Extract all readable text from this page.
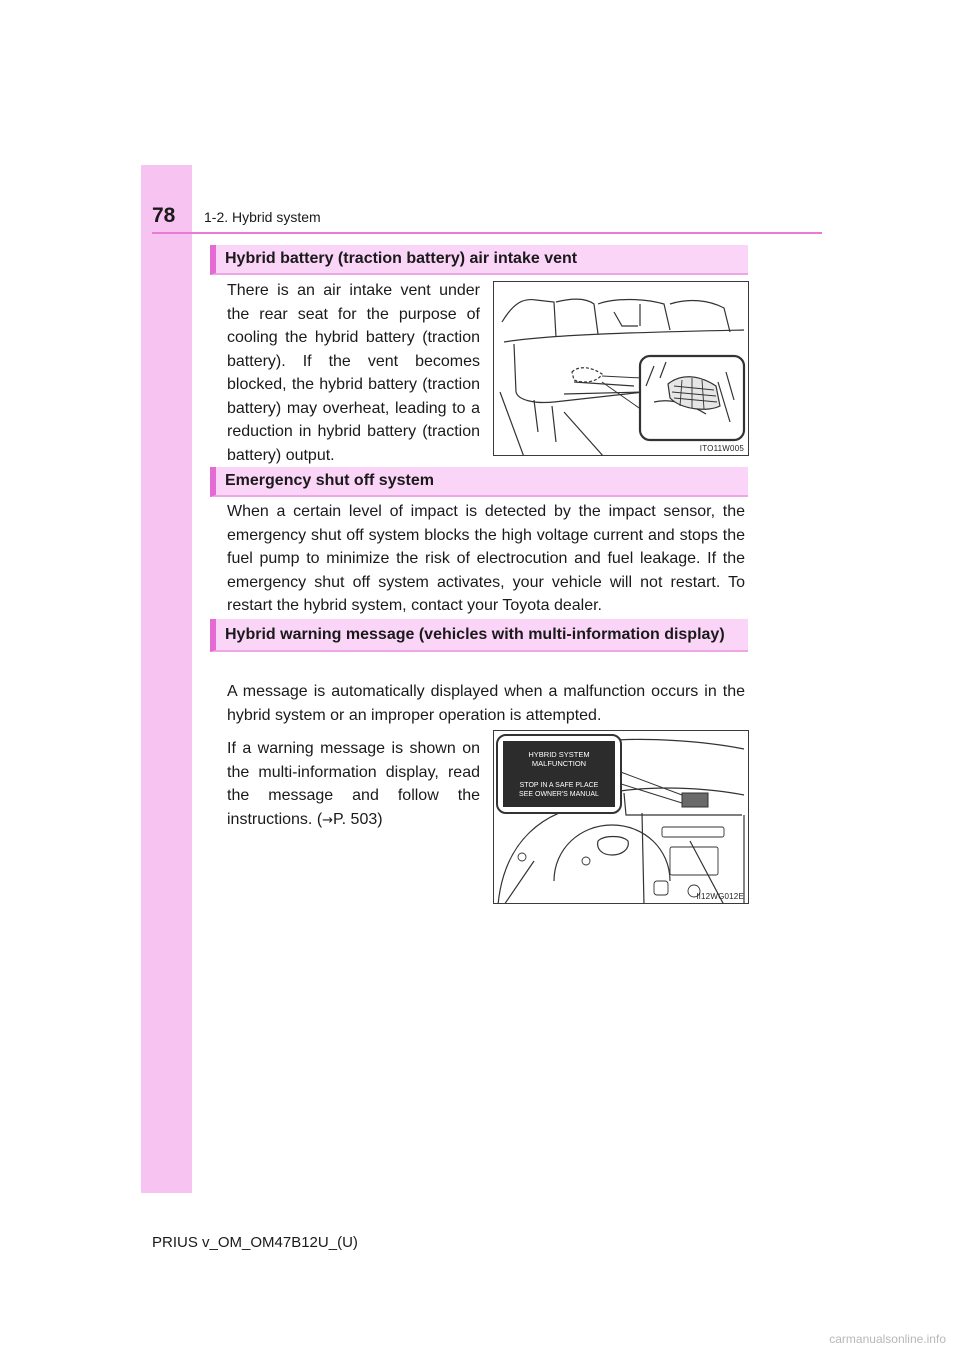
78 1-2. Hybrid system
Hybrid battery (traction battery) air intake vent

There is an air intake vent under the rear seat for the purpose of cooling the hybrid battery (traction battery). If the vent becomes blocked, the hybrid battery (traction battery) may overheat, leading to a reduction in hybrid battery (traction battery) output.	ITO11W005
Emergency shut off system

When a certain level of impact is detected by the impact sensor, the emergency shut off system blocks the high voltage current and stops the fuel pump to minimize the risk of electrocution and fuel leakage. If the emergency shut off system activates, your vehicle will not restart. To restart the hybrid system, contact your Toyota dealer.

Hybrid warning message (vehicles with multi-information display)

A message is automatically displayed when a malfunction occurs in the hybrid system or an improper operation is attempted.

If a warning message is shown on the multi-information display, read the message and follow the instructions. (→P. 503)

HYBRID SYSTEM
MALFUNCTION
STOP IN A SAFE PLACE
SEE OWNER'S MANUAL
II12WG012E
PRIUS v_OM_OM47B12U_(U)
carmanualsonline.info
